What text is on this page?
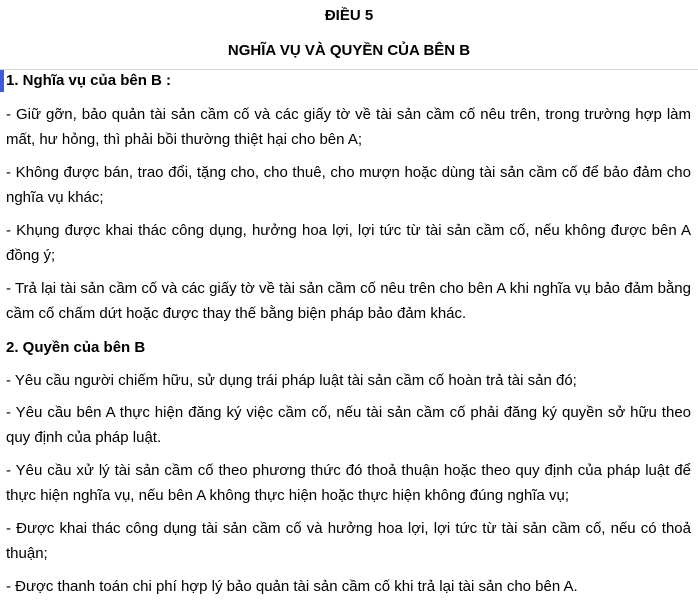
ĐIỀU 5
NGHĨA VỤ VÀ QUYỀN CỦA BÊN B
1. Nghĩa vụ của bên B :
- Giữ gỡn, bảo quản tài sản cầm cố và các giấy tờ về tài sản cầm cố nêu trên, trong trường hợp làm mất, hư hỏng, thì phải bồi thường thiệt hại cho bên A;
- Không được bán, trao đổi, tặng cho, cho thuê, cho mượn hoặc dùng tài sản cầm cố để bảo đảm cho nghĩa vụ khác;
- Khụng được khai thác công dụng, hưởng hoa lợi, lợi tức từ tài sản cầm cố, nếu không được bên A đồng ý;
- Trả lại tài sản cầm cố và các giấy tờ về tài sản cầm cố nêu trên cho bên A khi nghĩa vụ bảo đảm bằng cầm cố chấm dứt hoặc được thay thế bằng biện pháp bảo đảm khác.
2. Quyền của bên B
- Yêu cầu người chiếm hữu, sử dụng trái pháp luật tài sản cầm cố hoàn trả tài sản đó;
- Yêu cầu bên A thực hiện đăng ký việc cầm cố, nếu tài sản cầm cố phải đăng ký quyền sở hữu theo quy định của pháp luật.
- Yêu cầu xử lý tài sản cầm cố theo phương thức đó thoả thuận hoặc theo quy định của pháp luật để thực hiện nghĩa vụ, nếu bên A không thực hiện hoặc thực hiện không đúng nghĩa vụ;
- Được khai thác công dụng tài sản cầm cố và hưởng hoa lợi, lợi tức từ tài sản cầm cố, nếu có thoả thuận;
- Được thanh toán chi phí hợp lý bảo quản tài sản cầm cố khi trả lại tài sản cho bên A.
